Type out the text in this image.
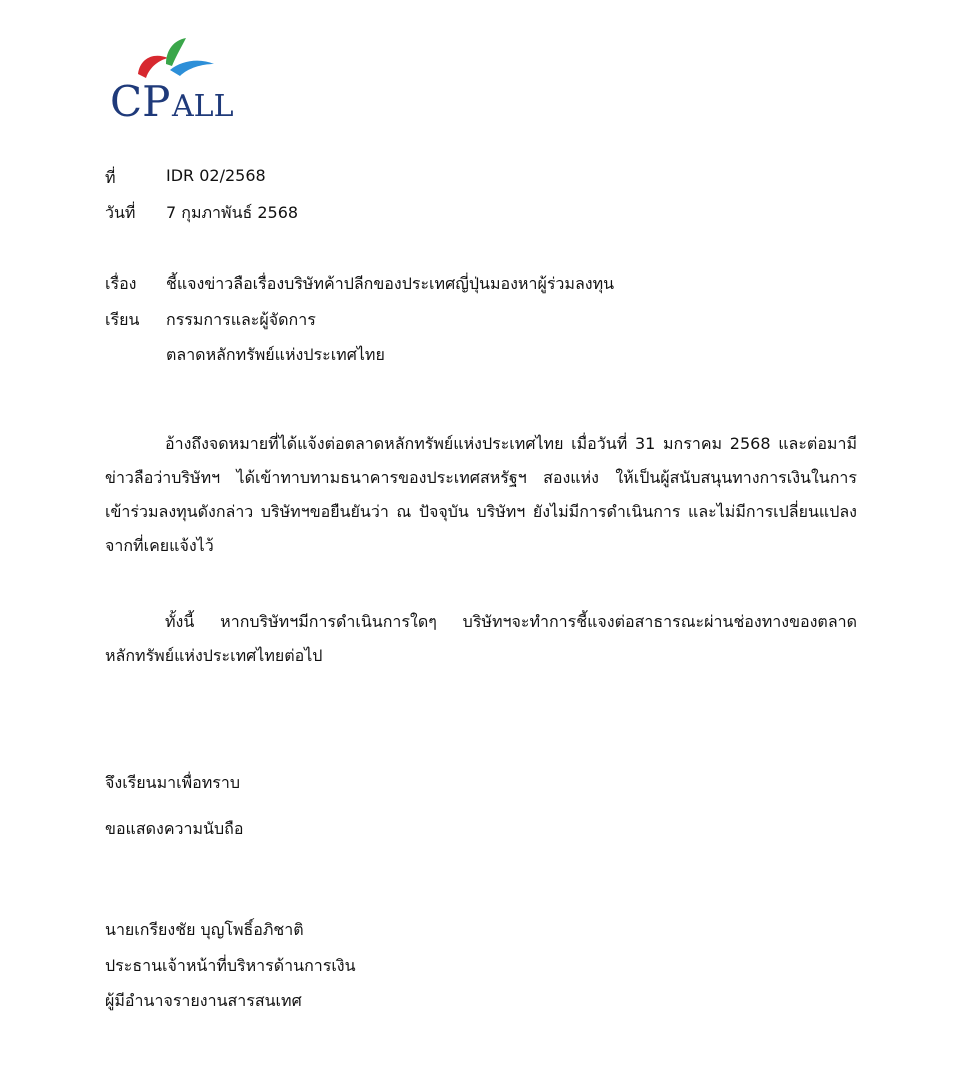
CP ALL
ที่	IDR 02/2568
วันที่ 7 กุมภาพันธ์ 2568
เรื่อง ชี้แจงข่าวลือเรื่องบริษัทค้าปลีกของประเทศญี่ปุ่นมองหาผู้ร่วมลงทุน
เรียน กรรมการและผู้จัดการ
ตลาดหลักทรัพย์แห่งประเทศไทย
อ้างถึงจดหมายที่ได้แจ้งต่อตลาดหลักทรัพย์แห่งประเทศไทย เมื่อวันที่ 31 มกราคม 2568 และต่อมามี
ข่าวลือว่าบริษัทฯ ได้เข้าทาบทามธนาคารของประเทศสหรัฐฯ สองแห่ง ให้เป็นผู้สนับสนุนทางการเงินในการ
เข้าร่วมลงทุนดังกล่าว บริษัทฯขอยืนยันว่า ณ ปัจจุบัน บริษัทฯ ยังไม่มีการดำเนินการ และไม่มีการเปลี่ยนแปลง
จากที่เคยแจ้งไว้
ทั้งนี้ หากบริษัทฯมีการดำเนินการใดๆ บริษัทฯจะทำการชี้แจงต่อสาธารณะผ่านช่องทางของตลาด
หลักทรัพย์แห่งประเทศไทยต่อไป
จึงเรียนมาเพื่อทราบ
ขอแสดงความนับถือ
นายเกรียงชัย บุญโพธิ์อภิชาติ
ประธานเจ้าหน้าที่บริหารด้านการเงิน
ผู้มีอำนาจรายงานสารสนเทศ
